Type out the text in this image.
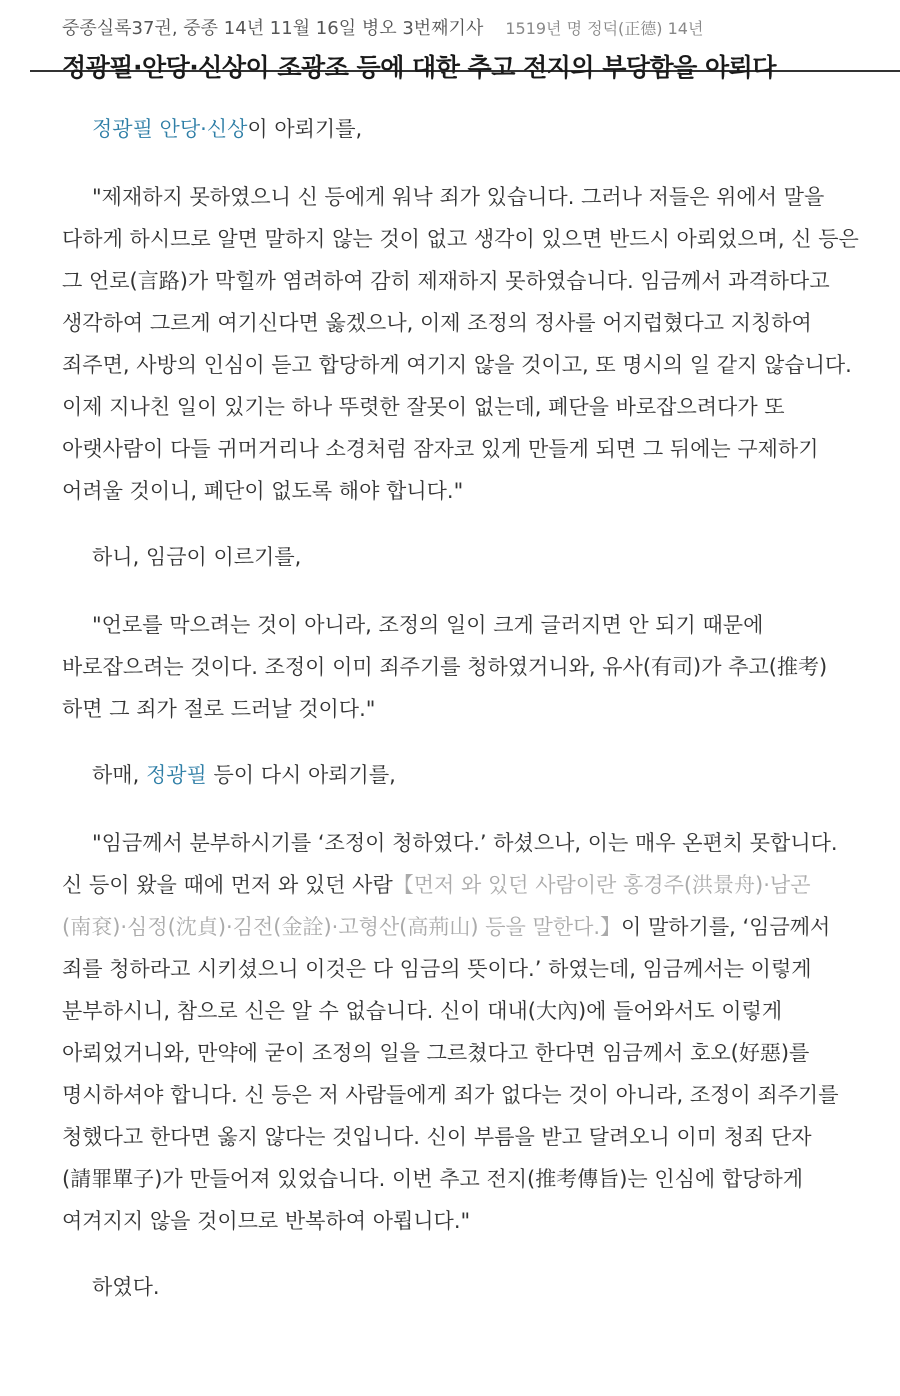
중종실록37권, 중종 14년 11월 16일 병오 3번째기사 1519년 명 정덕(正德) 14년
정광필·안당·신상이 조광조 등에 대한 추고 전지의 부당함을 아뢰다

정광필 안당·신상이 아뢰기를,

"제재하지 못하였으니 신 등에게 워낙 죄가 있습니다. 그러나 저들은 위에서 말을 다하게 하시므로 알면 말하지 않는 것이 없고 생각이 있으면 반드시 아뢰었으며, 신 등은 그 언로(言路)가 막힐까 염려하여 감히 제재하지 못하였습니다. 임금께서 과격하다고 생각하여 그르게 여기신다면 옳겠으나, 이제 조정의 정사를 어지럽혔다고 지칭하여 죄주면, 사방의 인심이 듣고 합당하게 여기지 않을 것이고, 또 명시의 일 같지 않습니다. 이제 지나친 일이 있기는 하나 뚜렷한 잘못이 없는데, 폐단을 바로잡으려다가 또 아랫사람이 다들 귀머거리나 소경처럼 잠자코 있게 만들게 되면 그 뒤에는 구제하기 어려울 것이니, 폐단이 없도록 해야 합니다."

하니, 임금이 이르기를,

"언로를 막으려는 것이 아니라, 조정의 일이 크게 글러지면 안 되기 때문에 바로잡으려는 것이다. 조정이 이미 죄주기를 청하였거니와, 유사(有司)가 추고(推考)하면 그 죄가 절로 드러날 것이다."

하매, 정광필 등이 다시 아뢰기를,

"임금께서 분부하시기를 ‘조정이 청하였다.’ 하셨으나, 이는 매우 온편치 못합니다. 신 등이 왔을 때에 먼저 와 있던 사람【먼저 와 있던 사람이란 홍경주(洪景舟)·남곤(南袞)·심정(沈貞)·김전(金詮)·고형산(高荊山) 등을 말한다.】이 말하기를, ‘임금께서 죄를 청하라고 시키셨으니 이것은 다 임금의 뜻이다.’ 하였는데, 임금께서는 이렇게 분부하시니, 참으로 신은 알 수 없습니다. 신이 대내(大內)에 들어와서도 이렇게 아뢰었거니와, 만약에 굳이 조정의 일을 그르쳤다고 한다면 임금께서 호오(好惡)를 명시하셔야 합니다. 신 등은 저 사람들에게 죄가 없다는 것이 아니라, 조정이 죄주기를 청했다고 한다면 옳지 않다는 것입니다. 신이 부름을 받고 달려오니 이미 청죄 단자(請罪單子)가 만들어져 있었습니다. 이번 추고 전지(推考傳旨)는 인심에 합당하게 여겨지지 않을 것이므로 반복하여 아룁니다."

하였다.
